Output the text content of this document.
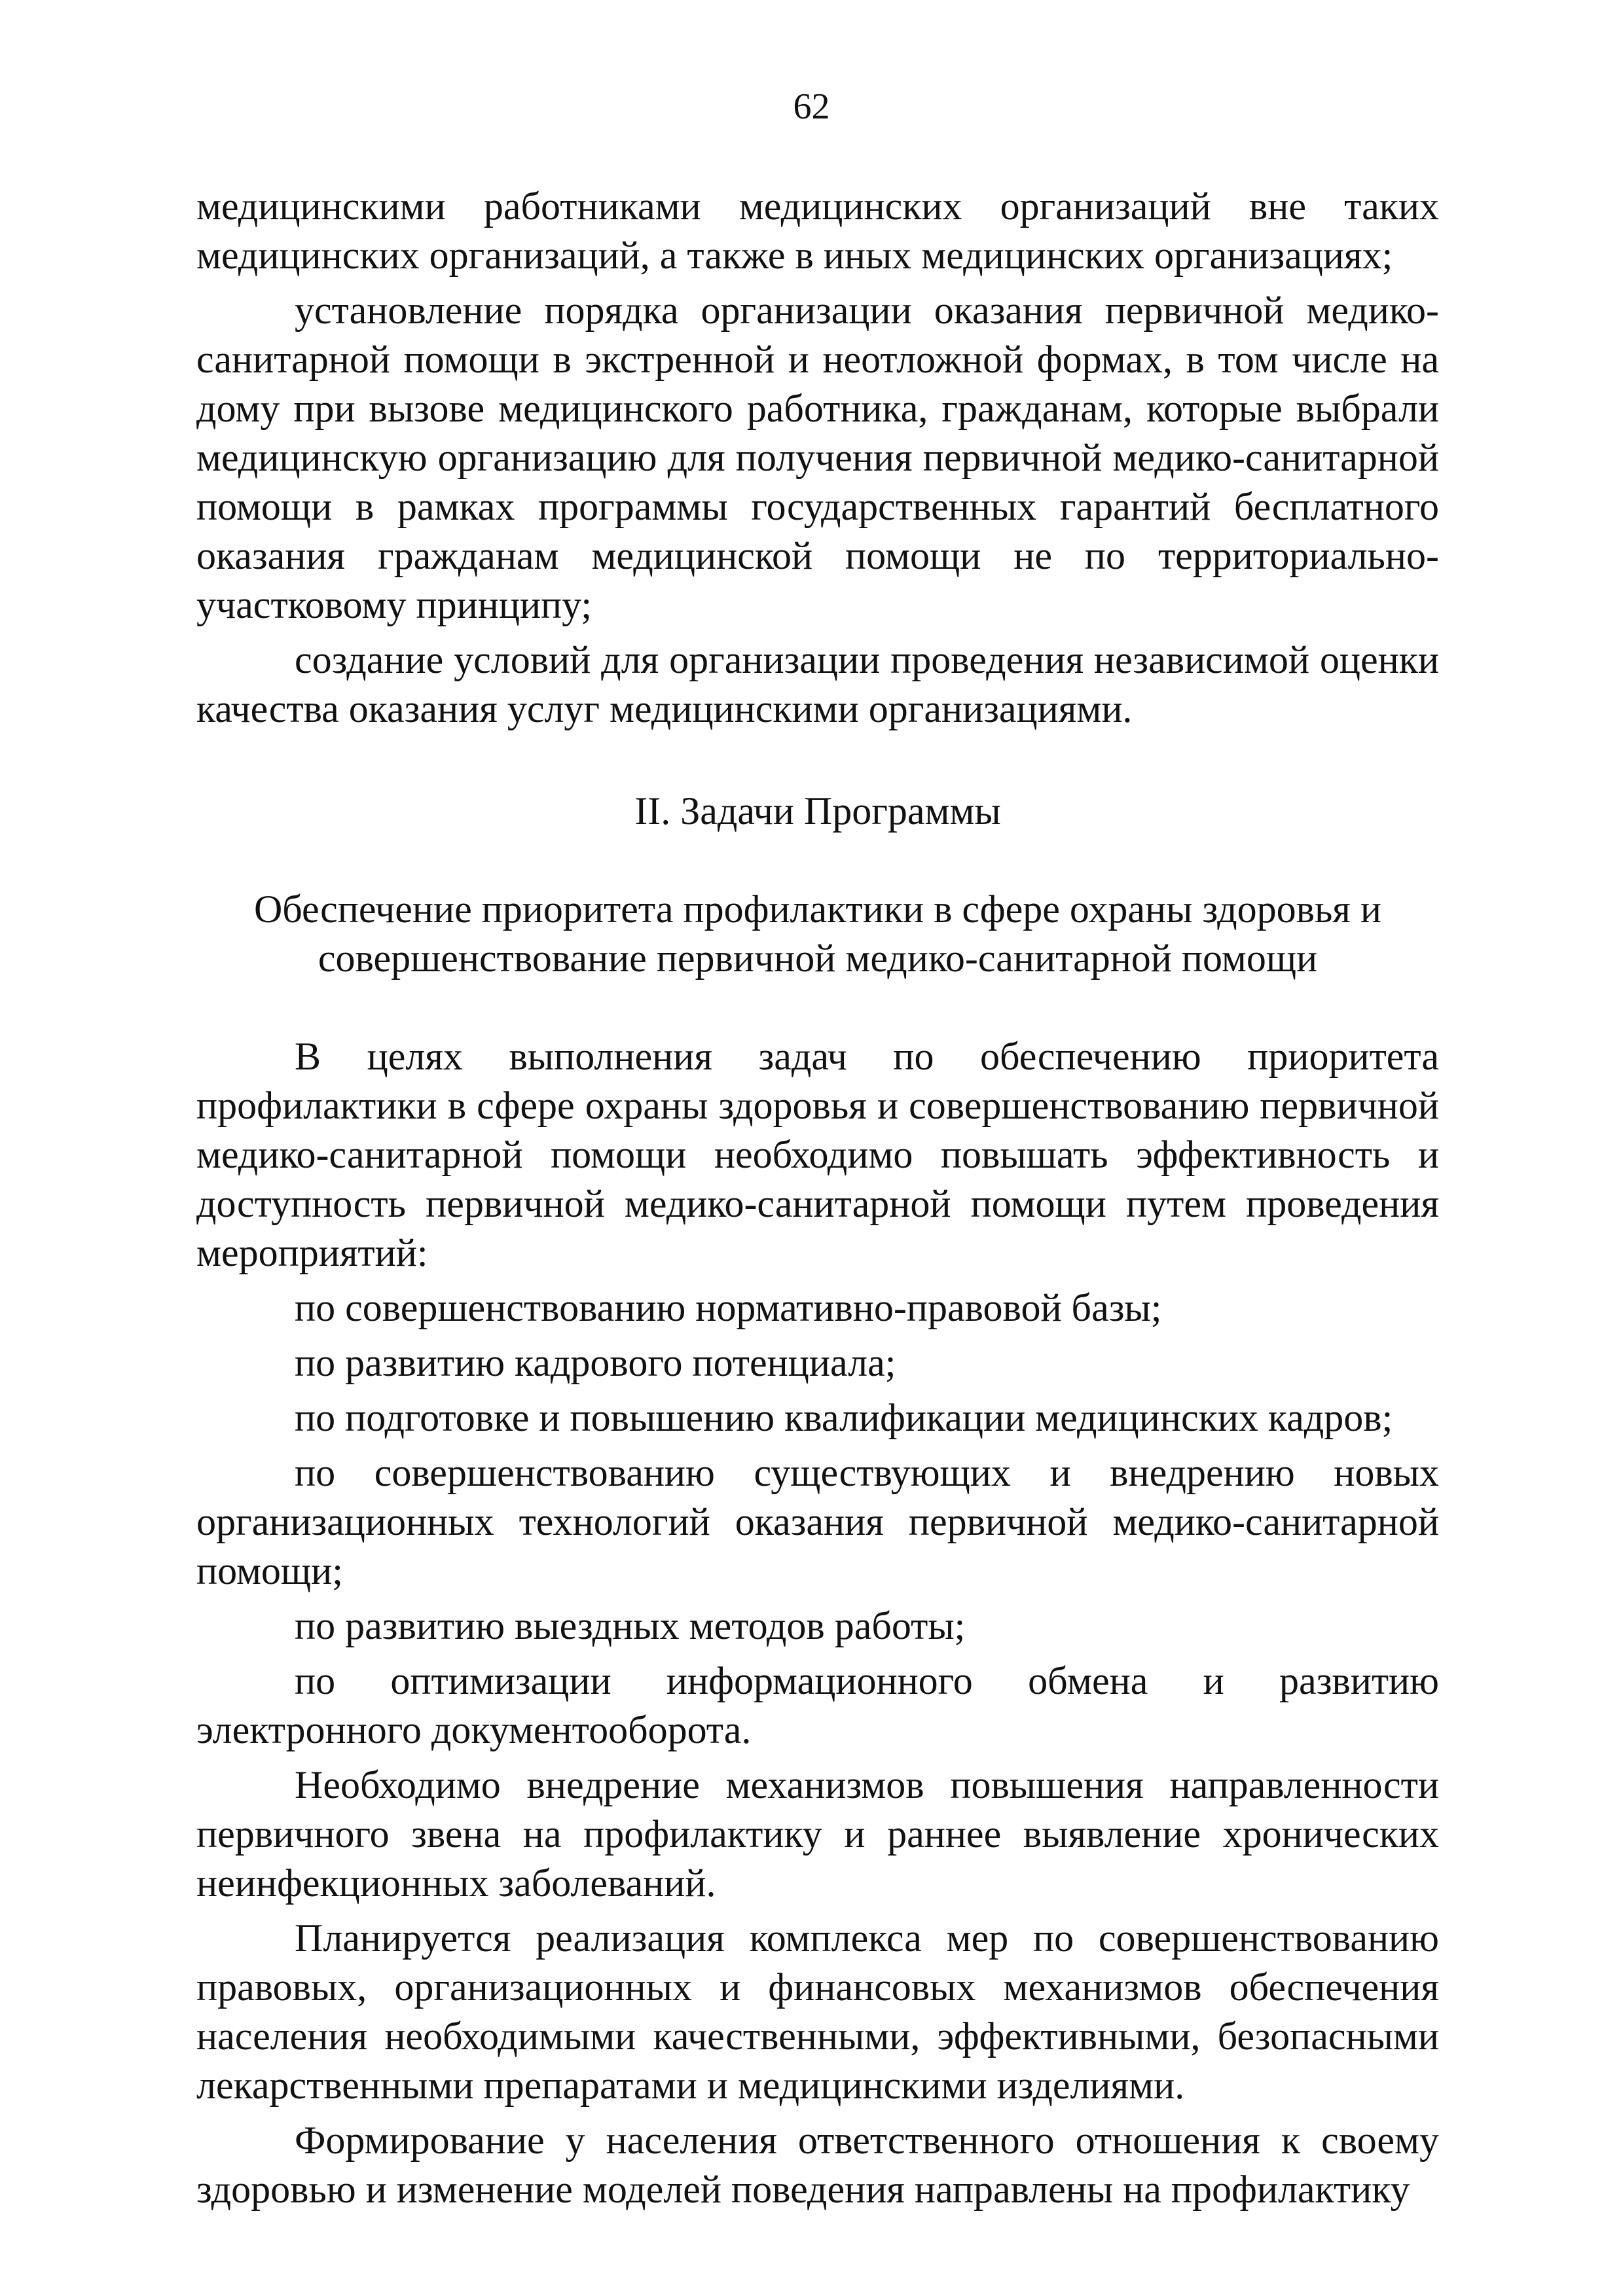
62

медицинскими работниками медицинских организаций вне таких медицинских организаций, а также в иных медицинских организациях;

установление порядка организации оказания первичной медико-санитарной помощи в экстренной и неотложной формах, в том числе на дому при вызове медицинского работника, гражданам, которые выбрали медицинскую организацию для получения первичной медико-санитарной помощи в рамках программы государственных гарантий бесплатного оказания гражданам медицинской помощи не по территориально-участковому принципу;

создание условий для организации проведения независимой оценки качества оказания услуг медицинскими организациями.

II. Задачи Программы

Обеспечение приоритета профилактики в сфере охраны здоровья и

совершенствование первичной медико-санитарной помощи

В целях выполнения задач по обеспечению приоритета профилактики в сфере охраны здоровья и совершенствованию первичной медико-санитарной помощи необходимо повышать эффективность и доступность первичной медико-санитарной помощи путем проведения мероприятий:

по совершенствованию нормативно-правовой базы;

по развитию кадрового потенциала;

по подготовке и повышению квалификации медицинских кадров;

по совершенствованию существующих и внедрению новых организационных технологий оказания первичной медико-санитарной помощи;

по развитию выездных методов работы;

по оптимизации информационного обмена и развитию электронного документооборота.

Необходимо внедрение механизмов повышения направленности первичного звена на профилактику и раннее выявление хронических неинфекционных заболеваний.

Планируется реализация комплекса мер по совершенствованию правовых, организационных и финансовых механизмов обеспечения населения необходимыми качественными, эффективными, безопасными лекарственными препаратами и медицинскими изделиями.

Формирование у населения ответственного отношения к своему здоровью и изменение моделей поведения направлены на профилактику
